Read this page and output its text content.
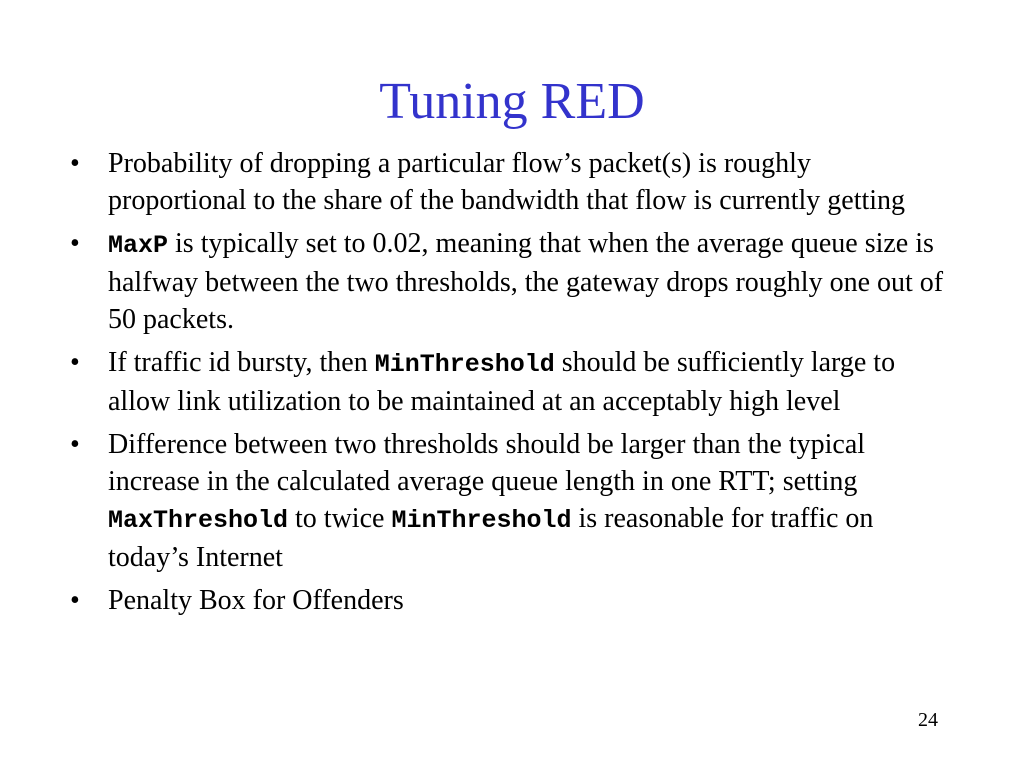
Tuning RED
•
Probability of dropping a particular flow’s packet(s) is roughly proportional to the share of the bandwidth that flow is currently getting
•
MaxP is typically set to 0.02, meaning that when the average queue size is halfway between the two thresholds, the gateway drops roughly one out of 50 packets.
•
If traffic id bursty, then MinThreshold should be sufficiently large to allow link utilization to be maintained at an acceptably high level
•
Difference between two thresholds should be larger than the typical increase in the calculated average queue length in one RTT; setting MaxThreshold to twice MinThreshold is reasonable for traffic on today’s Internet
•
Penalty Box for Offenders
24
